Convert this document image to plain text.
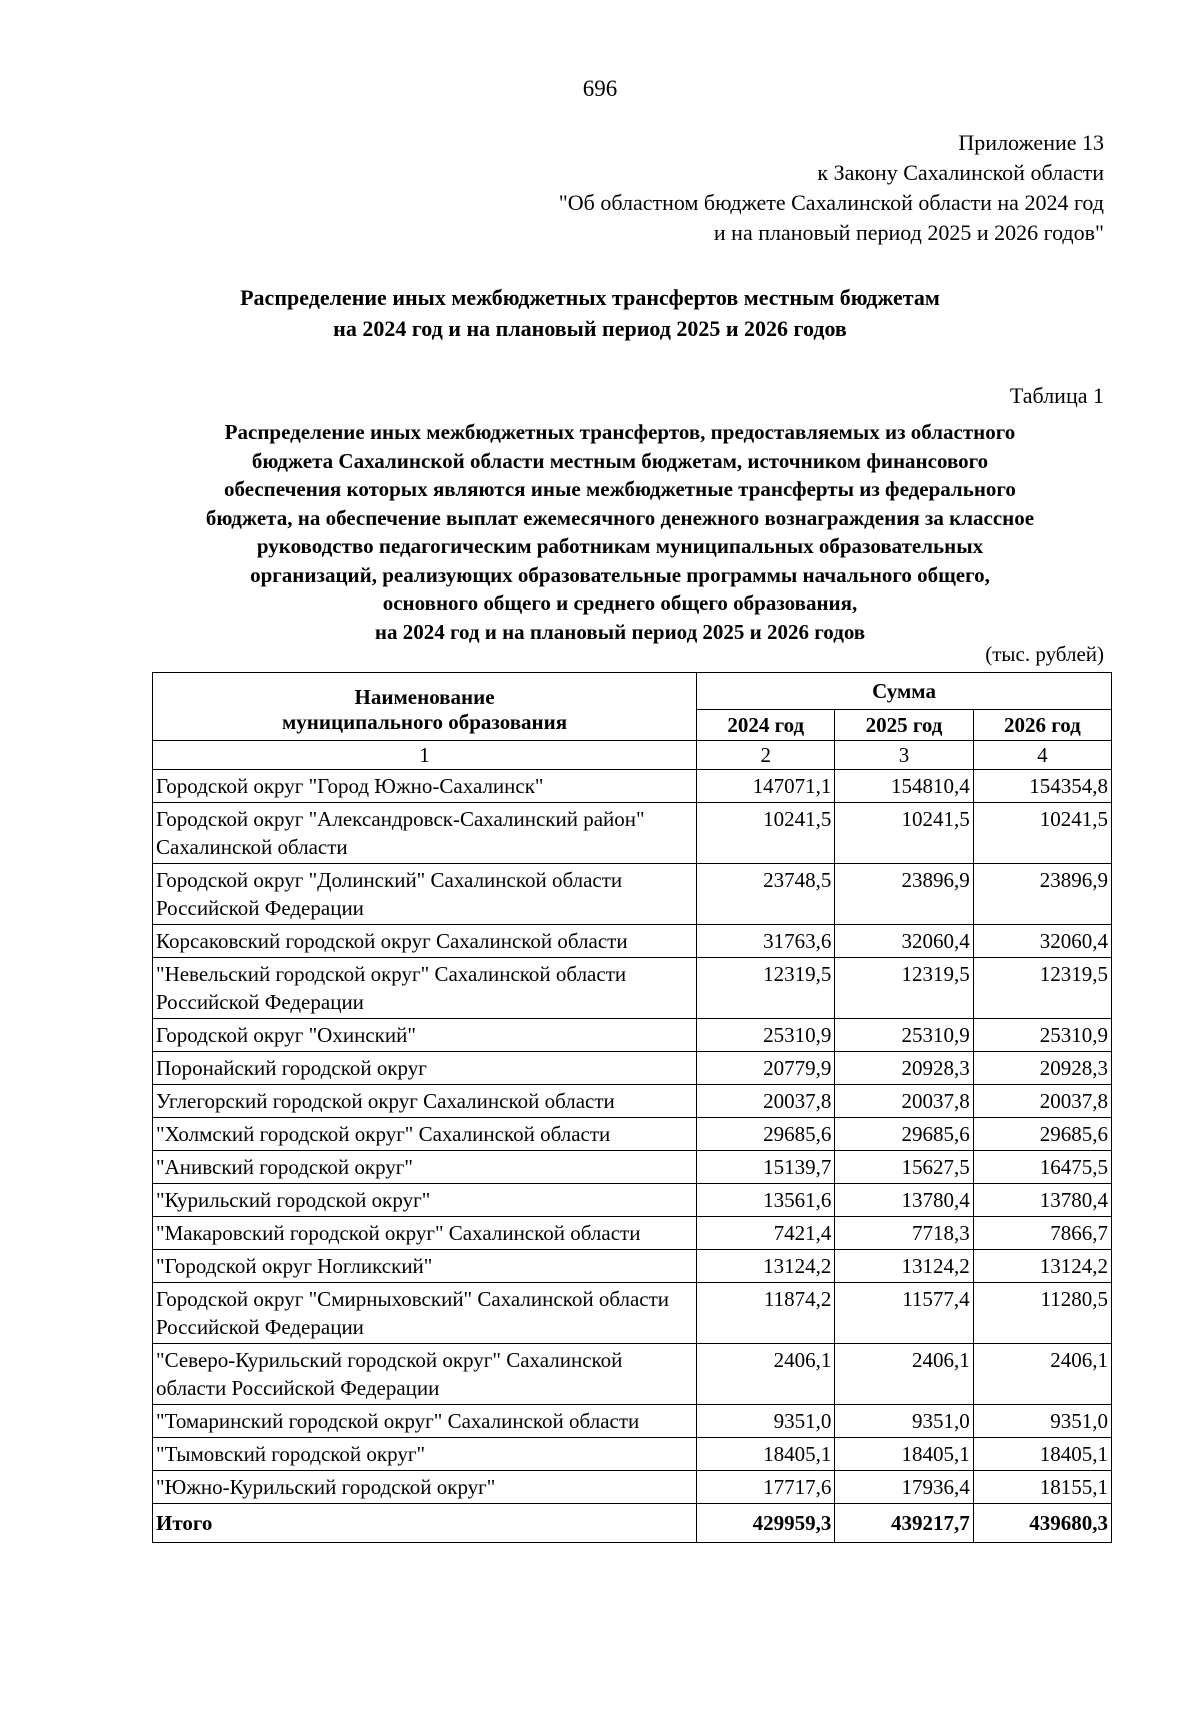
696
Приложение 13
к Закону Сахалинской области
"Об областном бюджете Сахалинской области на 2024 год
и на плановый период 2025 и 2026 годов"
Распределение иных межбюджетных трансфертов местным бюджетам
на 2024 год и на плановый период 2025 и 2026 годов
Таблица 1
Распределение иных межбюджетных трансфертов, предоставляемых из областного
бюджета Сахалинской области местным бюджетам, источником финансового
обеспечения которых являются иные межбюджетные трансферты из федерального
бюджета, на обеспечение выплат ежемесячного денежного вознаграждения за классное
руководство педагогическим работникам муниципальных образовательных
организаций, реализующих образовательные программы начального общего,
основного общего и среднего общего образования,
на 2024 год и на плановый период 2025 и 2026 годов
(тыс. рублей)
Наименование
муниципального образования	Сумма		
	2024 год	2025 год	2026 год
1	2	3	4
Городской округ "Город Южно-Сахалинск"	147071,1	154810,4	154354,8
Городской округ "Александровск-Сахалинский район" Сахалинской области	10241,5	10241,5	10241,5
Городской округ "Долинский" Сахалинской области Российской Федерации	23748,5	23896,9	23896,9
Корсаковский городской округ Сахалинской области	31763,6	32060,4	32060,4
"Невельский городской округ" Сахалинской области Российской Федерации	12319,5	12319,5	12319,5
Городской округ "Охинский"	25310,9	25310,9	25310,9
Поронайский городской округ	20779,9	20928,3	20928,3
Углегорский городской округ Сахалинской области	20037,8	20037,8	20037,8
"Холмский городской округ" Сахалинской области	29685,6	29685,6	29685,6
"Анивский городской округ"	15139,7	15627,5	16475,5
"Курильский городской округ"	13561,6	13780,4	13780,4
"Макаровский городской округ" Сахалинской области	7421,4	7718,3	7866,7
"Городской округ Ногликский"	13124,2	13124,2	13124,2
Городской округ "Смирныховский" Сахалинской области Российской Федерации	11874,2	11577,4	11280,5
"Северо-Курильский городской округ" Сахалинской области Российской Федерации	2406,1	2406,1	2406,1
"Томаринский городской округ" Сахалинской области	9351,0	9351,0	9351,0
"Тымовский городской округ"	18405,1	18405,1	18405,1
"Южно-Курильский городской округ"	17717,6	17936,4	18155,1
Итого	429959,3	439217,7	439680,3
